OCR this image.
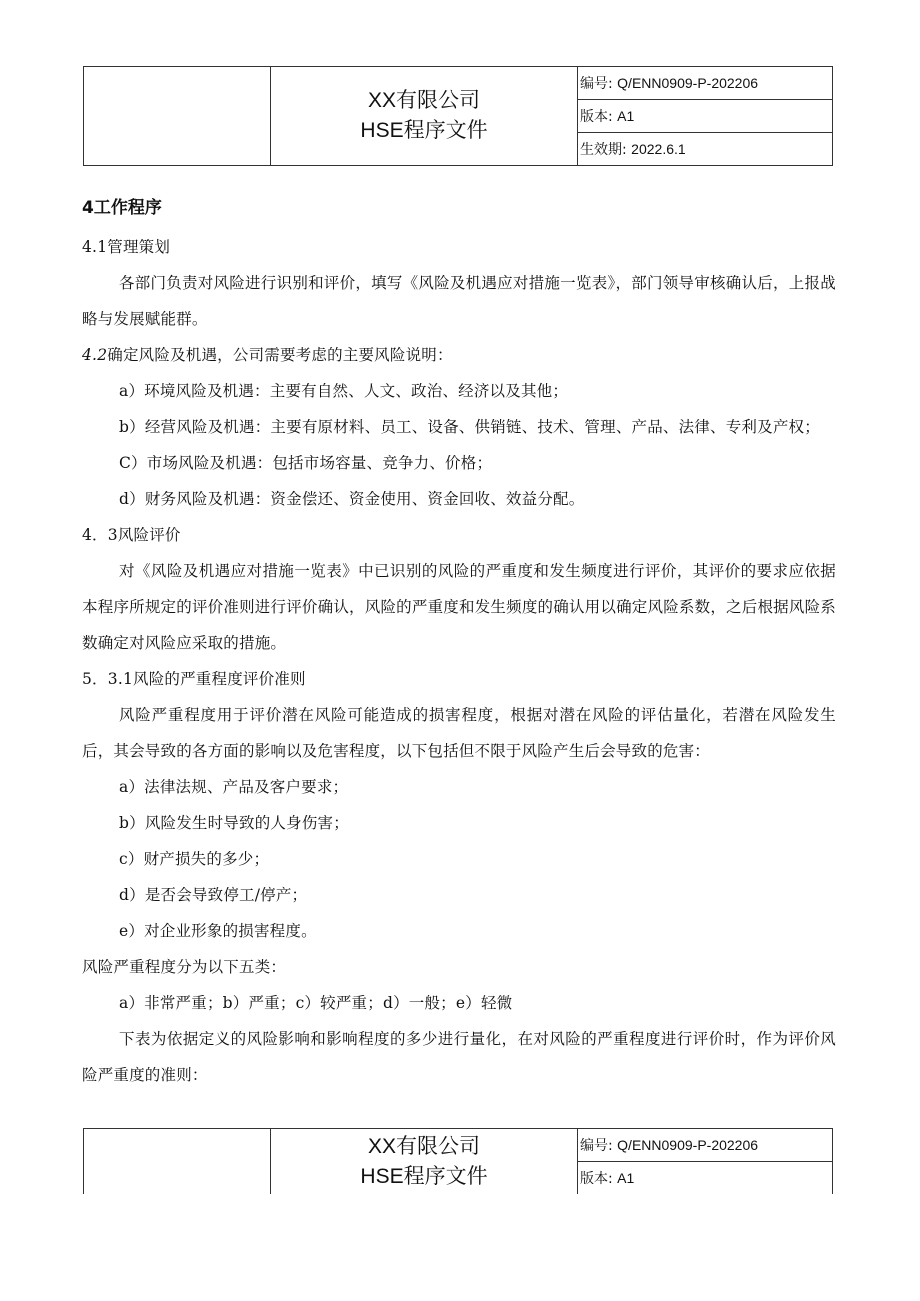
XX有限公司
HSE程序文件
	编号: Q/ENN0909-P-202206
版本: A1
生效期: 2022.6.1

4工作程序

4.1管理策划

各部门负责对风险进行识别和评价，填写《风险及机遇应对措施一览表》，部门领导审核确认后，上报战略与发展赋能群。

4.2确定风险及机遇，公司需要考虑的主要风险说明：

a）环境风险及机遇：主要有自然、人文、政治、经济以及其他；

b）经营风险及机遇：主要有原材料、员工、设备、供销链、技术、管理、产品、法律、专利及产权；

C）市场风险及机遇：包括市场容量、竞争力、价格；

d）财务风险及机遇：资金偿还、资金使用、资金回收、效益分配。

4．3风险评价

对《风险及机遇应对措施一览表》中已识别的风险的严重度和发生频度进行评价，其评价的要求应依据本程序所规定的评价准则进行评价确认，风险的严重度和发生频度的确认用以确定风险系数，之后根据风险系数确定对风险应采取的措施。

5．3.1风险的严重程度评价准则

风险严重程度用于评价潜在风险可能造成的损害程度，根据对潜在风险的评估量化，若潜在风险发生后，其会导致的各方面的影响以及危害程度，以下包括但不限于风险产生后会导致的危害：

a）法律法规、产品及客户要求；

b）风险发生时导致的人身伤害；

c）财产损失的多少；

d）是否会导致停工/停产；

e）对企业形象的损害程度。

风险严重程度分为以下五类：

a）非常严重；b）严重；c）较严重；d）一般；e）轻微

下表为依据定义的风险影响和影响程度的多少进行量化，在对风险的严重程度进行评价时，作为评价风险严重度的准则：

XX有限公司
HSE程序文件
	编号: Q/ENN0909-P-202206
版本: A1
